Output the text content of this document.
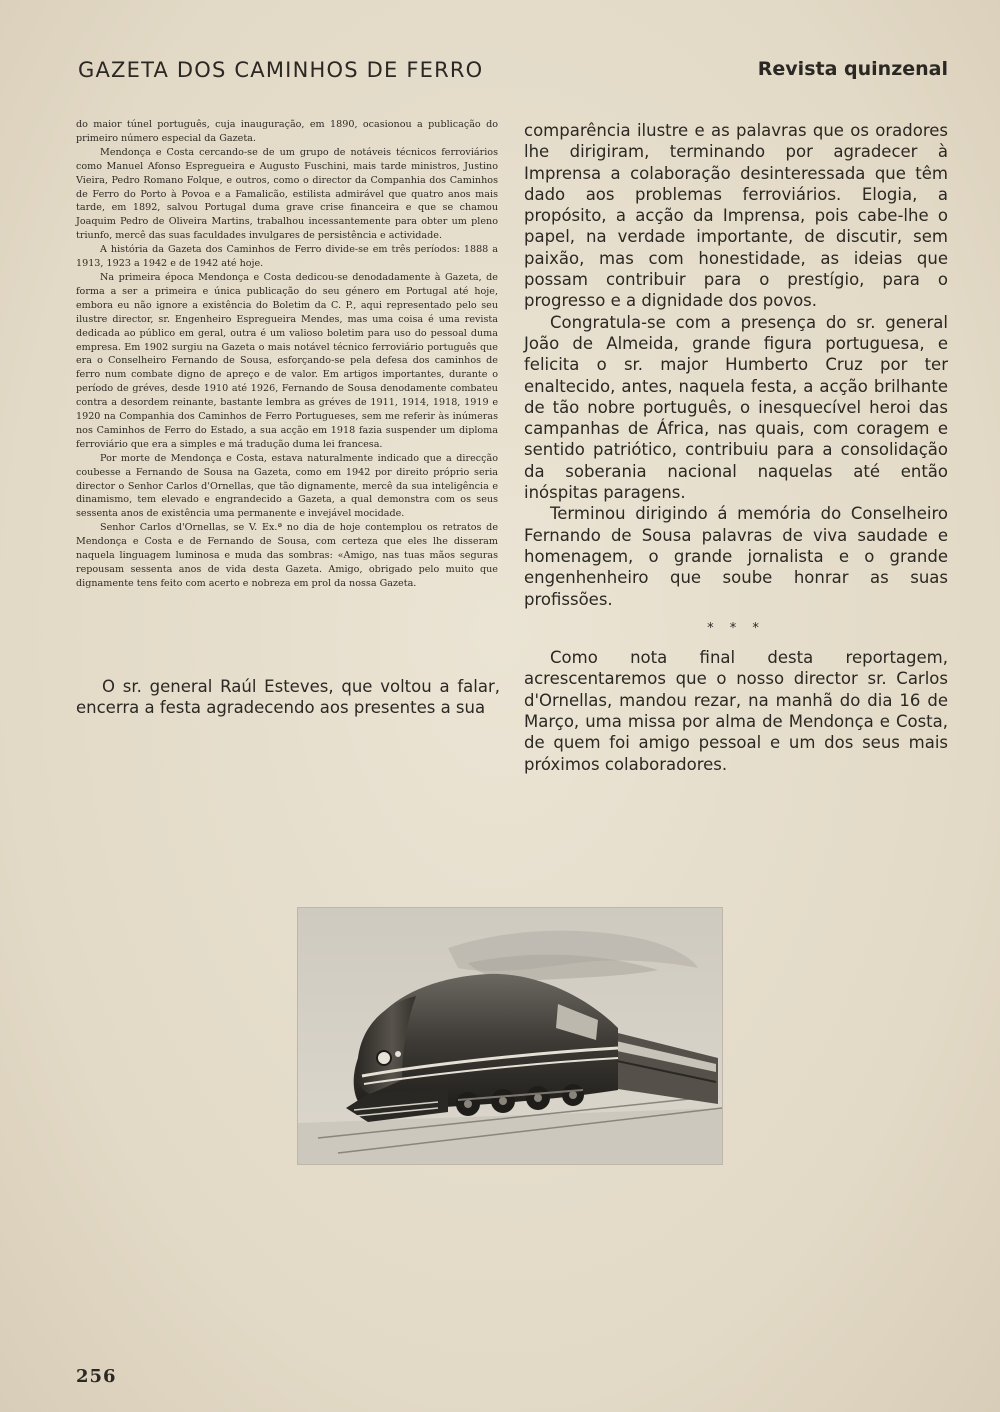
GAZETA DOS CAMINHOS DE FERRO	Revista quinzenal

do maior túnel português, cuja inauguração, em 1890, ocasionou a publicação do primeiro número especial da Gazeta.

Mendonça e Costa cercando-se de um grupo de notáveis técnicos ferroviários como Manuel Afonso Espregueira e Augusto Fuschini, mais tarde ministros, Justino Vieira, Pedro Romano Folque, e outros, como o director da Companhia dos Caminhos de Ferro do Porto à Povoa e a Famalicão, estilista admirável que quatro anos mais tarde, em 1892, salvou Portugal duma grave crise financeira e que se chamou Joaquim Pedro de Oliveira Martins, trabalhou incessantemente para obter um pleno triunfo, mercê das suas faculdades invulgares de persistência e actividade.

A história da Gazeta dos Caminhos de Ferro divide-se em três períodos: 1888 a 1913, 1923 a 1942 e de 1942 até hoje.

Na primeira época Mendonça e Costa dedicou-se denodadamente à Gazeta, de forma a ser a primeira e única publicação do seu género em Portugal até hoje, embora eu não ignore a existência do Boletim da C. P., aqui representado pelo seu ilustre director, sr. Engenheiro Espregueira Mendes, mas uma coisa é uma revista dedicada ao público em geral, outra é um valioso boletim para uso do pessoal duma empresa. Em 1902 surgiu na Gazeta o mais notável técnico ferroviário português que era o Conselheiro Fernando de Sousa, esforçando-se pela defesa dos caminhos de ferro num combate digno de apreço e de valor. Em artigos importantes, durante o período de gréves, desde 1910 até 1926, Fernando de Sousa denodamente combateu contra a desordem reinante, bastante lembra as gréves de 1911, 1914, 1918, 1919 e 1920 na Companhia dos Caminhos de Ferro Portugueses, sem me referir às inúmeras nos Caminhos de Ferro do Estado, a sua acção em 1918 fazia suspender um diploma ferroviário que era a simples e má tradução duma lei francesa.

Por morte de Mendonça e Costa, estava naturalmente indicado que a direcção coubesse a Fernando de Sousa na Gazeta, como em 1942 por direito próprio seria director o Senhor Carlos d'Ornellas, que tão dignamente, mercê da sua inteligência e dinamismo, tem elevado e engrandecido a Gazeta, a qual demonstra com os seus sessenta anos de existência uma permanente e invejável mocidade.

Senhor Carlos d'Ornellas, se V. Ex.ª no dia de hoje contemplou os retratos de Mendonça e Costa e de Fernando de Sousa, com certeza que eles lhe disseram naquela linguagem luminosa e muda das sombras: «Amigo, nas tuas mãos seguras repousam sessenta anos de vida desta Gazeta. Amigo, obrigado pelo muito que dignamente tens feito com acerto e nobreza em prol da nossa Gazeta.

O sr. general Raúl Esteves, que voltou a falar, encerra a festa agradecendo aos presentes a sua

comparência ilustre e as palavras que os oradores lhe dirigiram, terminando por agradecer à Imprensa a colaboração desinteressada que têm dado aos problemas ferroviários. Elogia, a propósito, a acção da Imprensa, pois cabe-lhe o papel, na verdade importante, de discutir, sem paixão, mas com honestidade, as ideias que possam contribuir para o prestígio, para o progresso e a dignidade dos povos.

Congratula-se com a presença do sr. general João de Almeida, grande figura portuguesa, e felicita o sr. major Humberto Cruz por ter enaltecido, antes, naquela festa, a acção brilhante de tão nobre português, o inesquecível heroi das campanhas de África, nas quais, com coragem e sentido patriótico, contribuiu para a consolidação da soberania nacional naquelas até então inóspitas paragens.

Terminou dirigindo á memória do Conselheiro Fernando de Sousa palavras de viva saudade e homenagem, o grande jornalista e o grande engenhenheiro que soube honrar as suas profissões.

* * *

Como nota final desta reportagem, acrescentaremos que o nosso director sr. Carlos d'Ornellas, mandou rezar, na manhã do dia 16 de Março, uma missa por alma de Mendonça e Costa, de quem foi amigo pessoal e um dos seus mais próximos colaboradores.

256
